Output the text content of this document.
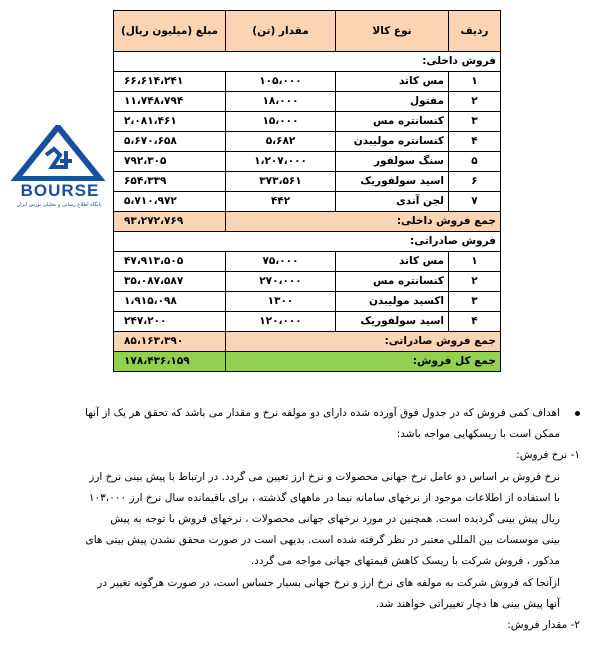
BOURSE
پایگاه اطلاع رسانی و تحلیلی بورس ایران
ردیف	نوع کالا	مقدار (تن)	مبلغ (میلیون ریال)
فروش داخلی:			
۱	مس کاتد	۱۰۵،۰۰۰	۶۶،۶۱۴،۲۴۱
۲	مفتول	۱۸،۰۰۰	۱۱،۷۴۸،۷۹۴
۳	کنسانتره مس	۱۵،۰۰۰	۲،۰۸۱،۴۶۱
۴	کنسانتره مولیبدن	۵،۶۸۲	۵،۶۷۰،۶۵۸
۵	سنگ سولفور	۱،۲۰۷،۰۰۰	۷۹۲،۳۰۵
۶	اسید سولفوریک	۳۷۳،۵۶۱	۶۵۴،۳۳۹
۷	لجن آندی	۴۴۲	۵،۷۱۰،۹۷۲
جمع فروش داخلی:			۹۳،۲۷۲،۷۶۹
فروش صادراتی:			
۱	مس کاتد	۷۵،۰۰۰	۴۷،۹۱۳،۵۰۵
۲	کنسانتره مس	۲۷۰،۰۰۰	۳۵،۰۸۷،۵۸۷
۳	اکسید مولیبدن	۱۳۰۰	۱،۹۱۵،۰۹۸
۴	اسید سولفوریک	۱۲۰،۰۰۰	۲۴۷،۲۰۰
جمع فروش صادراتی:			۸۵،۱۶۳،۳۹۰
جمع کل فروش:			۱۷۸،۴۳۶،۱۵۹

اهداف کمی فروش که در جدول فوق آورده شده دارای دو مولفه نرخ و مقدار می باشد که تحقق هر یک از آنها

ممکن است با ریسکهایی مواجه باشد:

۱- نرخ فروش:

نرخ فروش بر اساس دو عامل نرخ جهانی محصولات و نرخ ارز تعیین می گردد. در ارتباط با پیش بینی نرخ ارز

با استفاده از اطلاعات موجود از نرخهای سامانه نیما در ماههای گذشته ، برای باقیمانده سال نرخ ارز ۱۰۳،۰۰۰

ریال پیش بینی گردیده است. همچنین در مورد نرخهای جهانی محصولات ، نرخهای فروش با توجه به پیش

بینی موسسات بین المللی معتبر در نظر گرفته شده است. بدیهی است در صورت محقق نشدن پیش بینی های

مذکور ، فروش شرکت با ریسک کاهش قیمتهای جهانی مواجه می گردد.

ازآنجا که فروش شرکت به مولفه های نرخ ارز و نرخ جهانی بسیار حساس است، در صورت هرگونه تغییر در

آنها پیش بینی ها دچار تغییراتی خواهند شد.

۲- مقدار فروش:
